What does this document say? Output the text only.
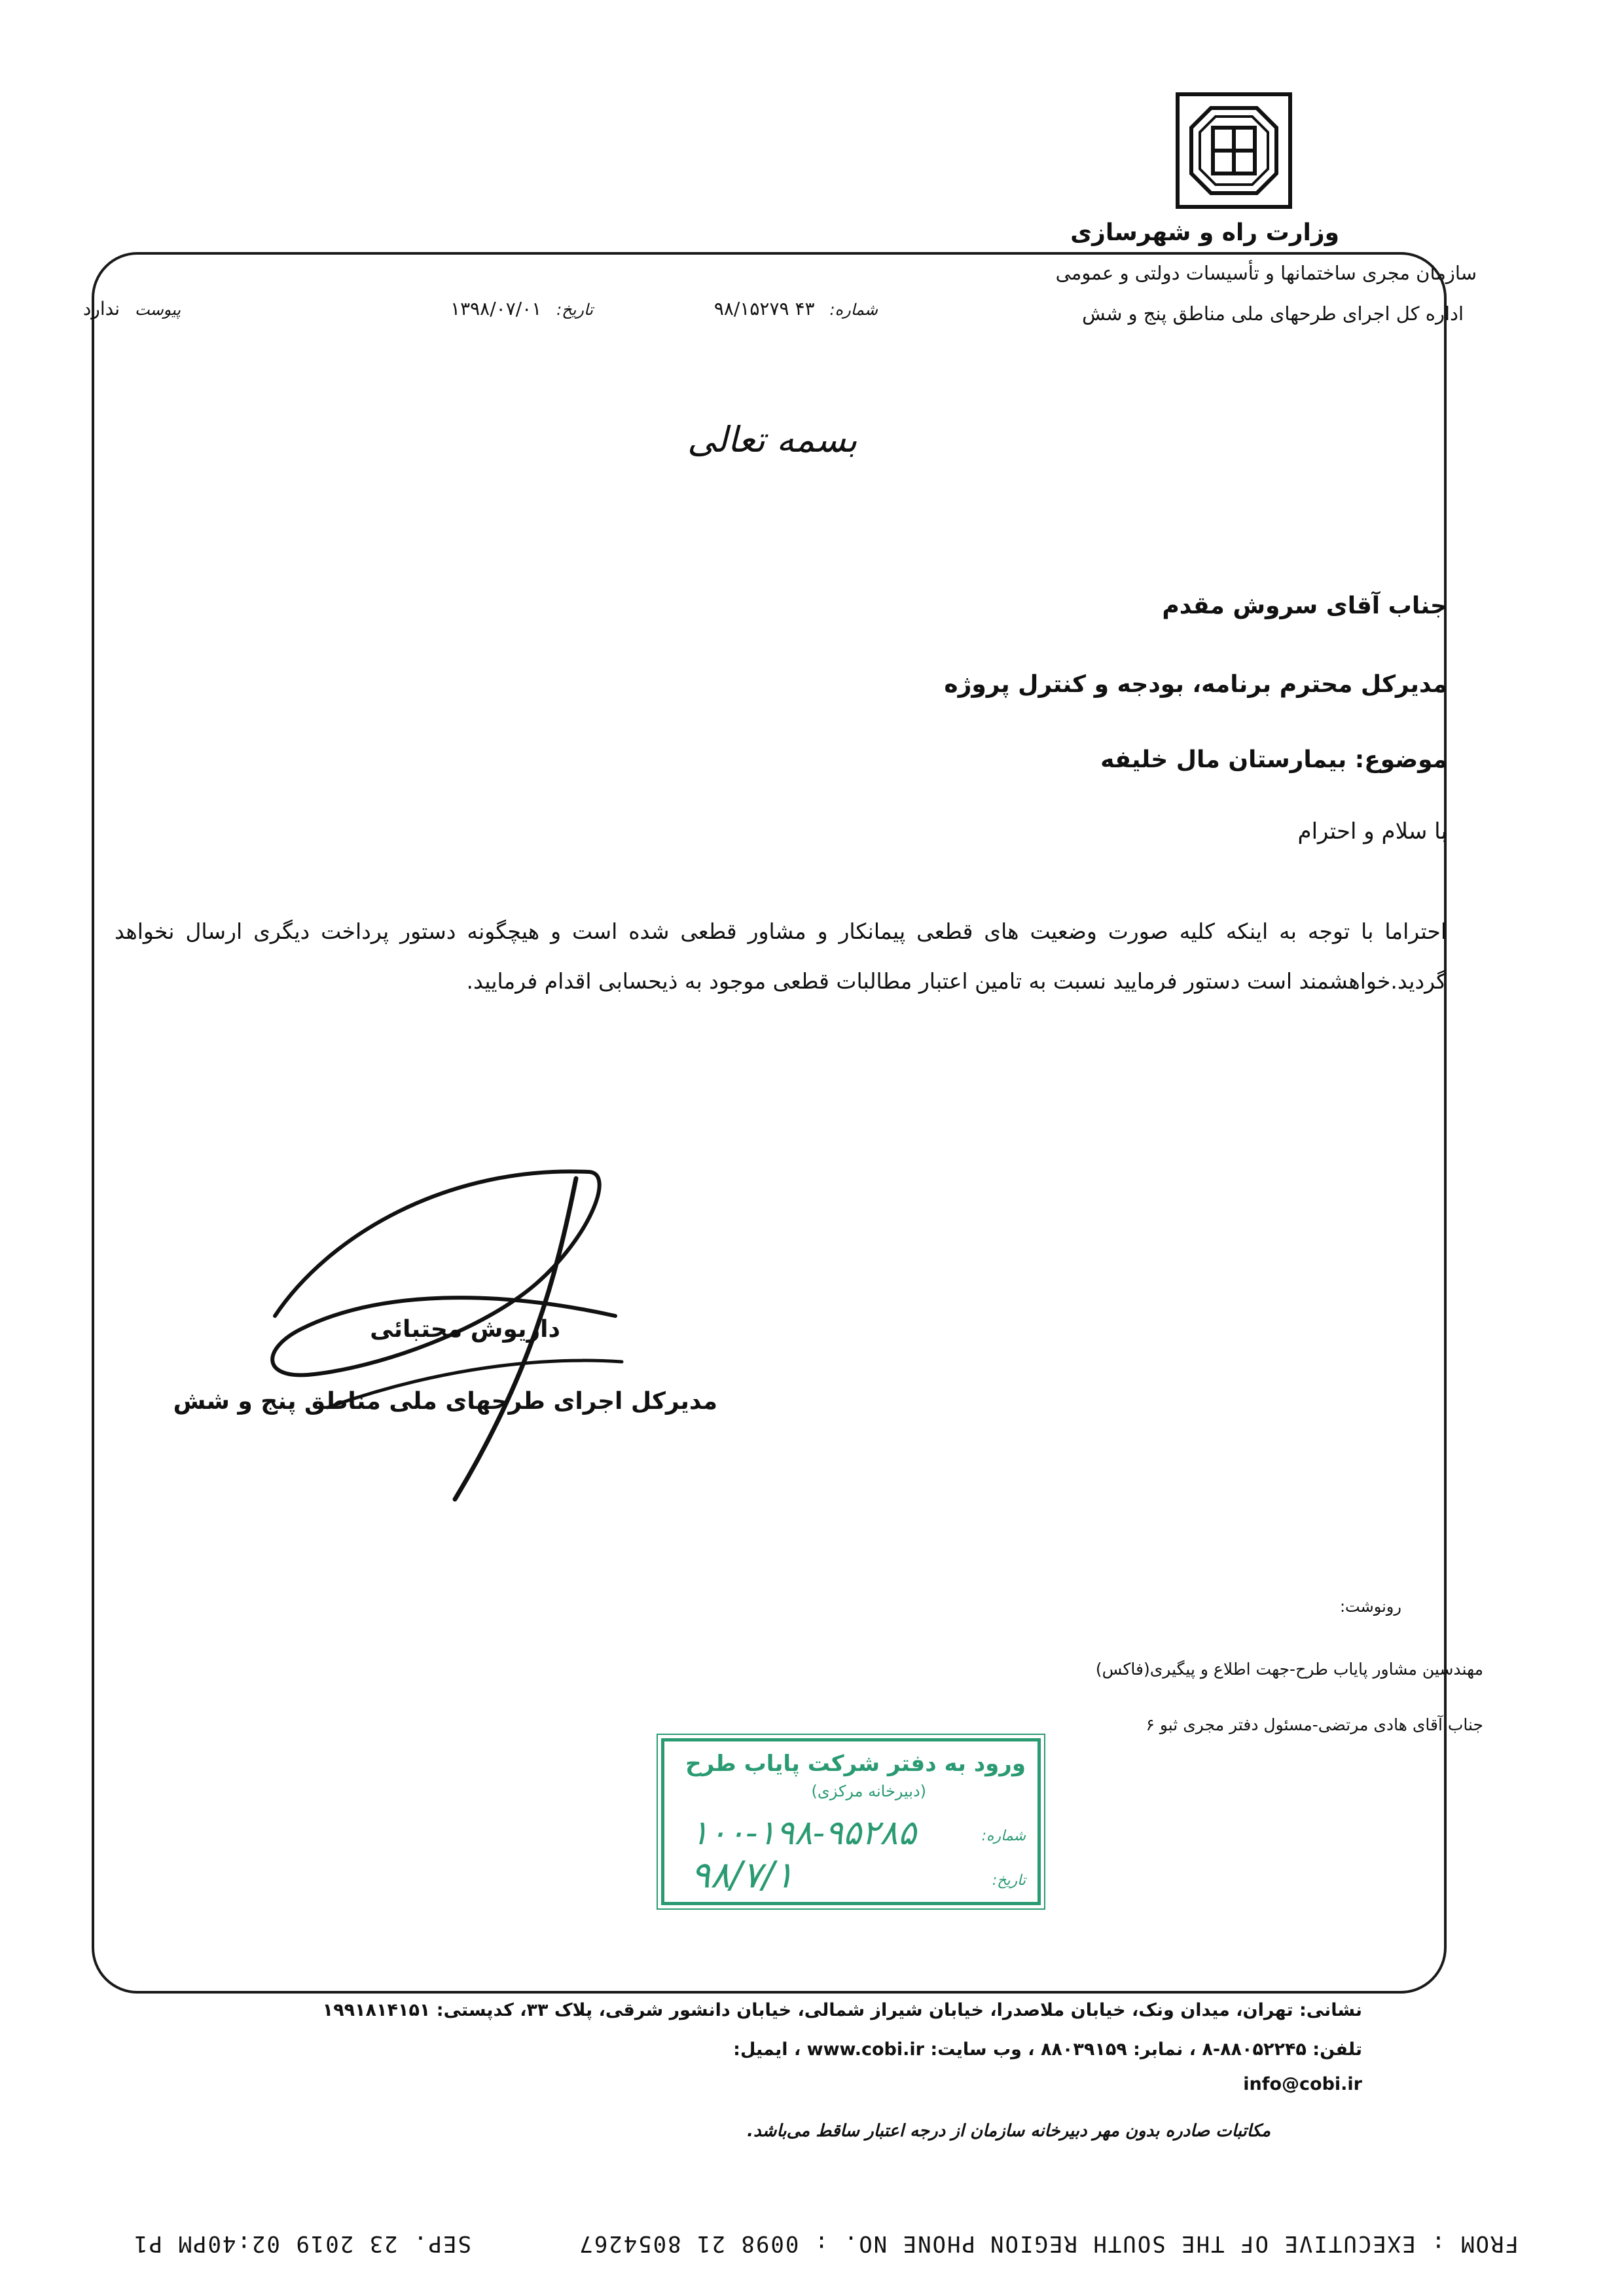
وزارت راه و شهرسازی
سازمان مجری ساختمانها و تأسیسات دولتی و عمومی
اداره کل اجرای طرحهای ملی مناطق پنج و شش
شماره: ۴۳ ۹۸/۱۵۲۷۹
تاریخ: ۱۳۹۸/۰۷/۰۱
پیوست ندارد
بسمه تعالی
جناب آقای سروش مقدم
مدیرکل محترم برنامه، بودجه و کنترل پروژه
موضوع: بیمارستان مال خلیفه
با سلام و احترام
احتراما با توجه به اینکه کلیه صورت وضعیت های قطعی پیمانکار و مشاور قطعی شده است و هیچگونه دستور پرداخت دیگری ارسال نخواهد گردید.خواهشمند است دستور فرمایید نسبت به تامین اعتبار مطالبات قطعی موجود به ذیحسابی اقدام فرمایید.
داریوش مجتبائی
مدیرکل اجرای طرحهای ملی مناطق پنج و شش
رونوشت:
مهندسین مشاور پایاب طرح-جهت اطلاع و پیگیری(فاکس)
جناب آقای هادی مرتضی-مسئول دفتر مجری ثبو ۶
ورود به دفتر شرکت پایاب طرح
(دبیرخانه مرکزی)
شماره:
۱۰۰-۱۹۸-۹۵۲۸۵
تاریخ:
۹۸/۷/۱
نشانی: تهران، میدان ونک، خیابان ملاصدرا، خیابان شیراز شمالی، خیابان دانشور شرقی، پلاک ۳۳، کدپستی: ۱۹۹۱۸۱۴۱۵۱
تلفن: ۸۸۰۵۲۲۴۵-۸ ، نمابر: ۸۸۰۳۹۱۵۹ ، وب سایت: www.cobi.ir ، ایمیل:
info@cobi.ir
مکاتبات صادره بدون مهر دبیرخانه سازمان از درجه اعتبار ساقط می‌باشد.
FROM : EXECUTIVE OF THE SOUTH REGION
PHONE NO. : 0098 21 8054267
SEP. 23 2019 02:40PM P1
